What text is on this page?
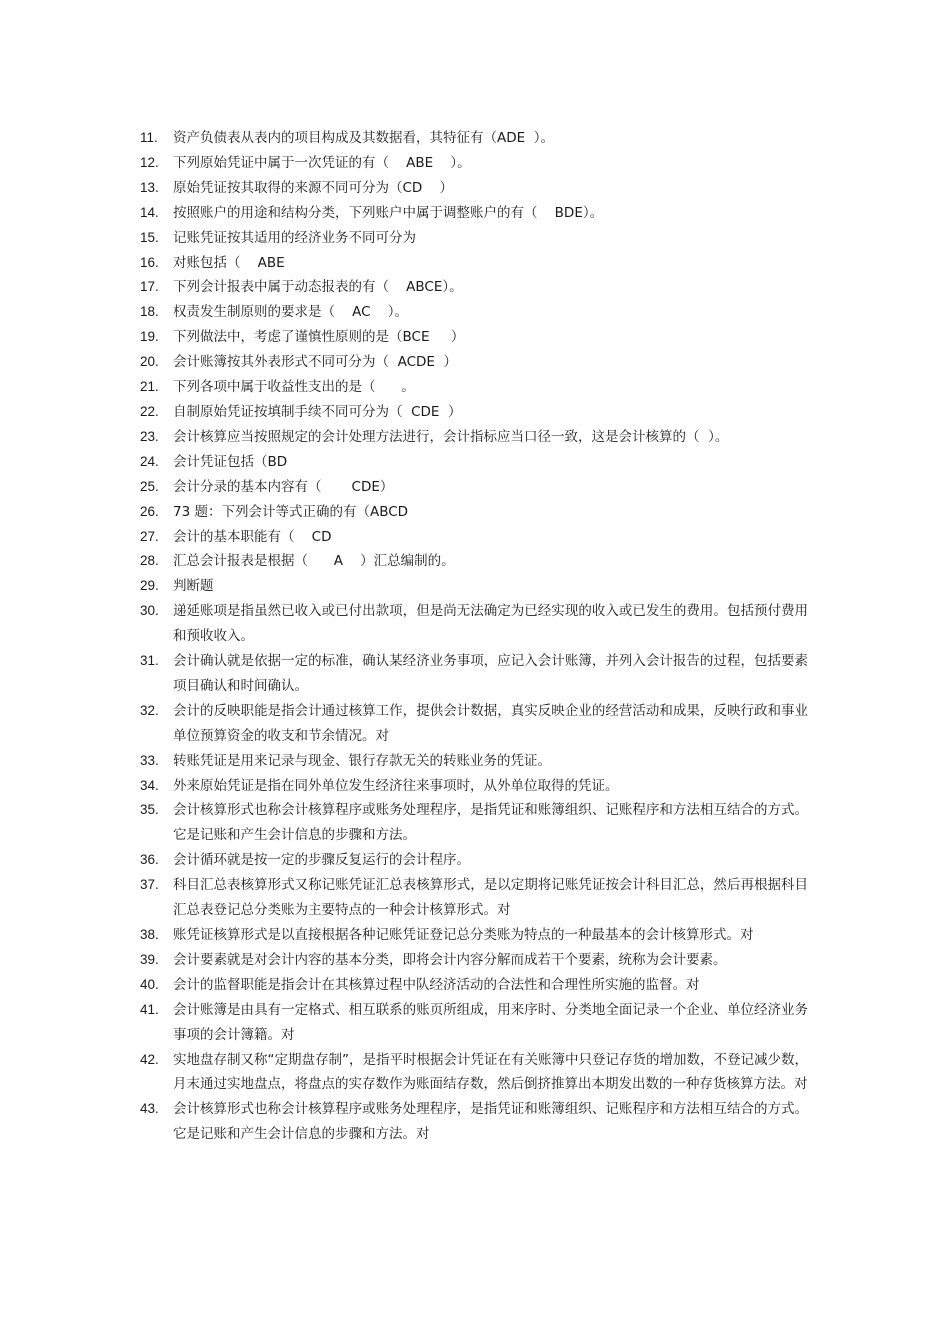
11.	资产负债表从表内的项目构成及其数据看，其特征有（ADE  ）。
12.	下列原始凭证中属于一次凭证的有（    ABE    ）。
13.	原始凭证按其取得的来源不同可分为（CD    ）
14.	按照账户的用途和结构分类，下列账户中属于调整账户的有（    BDE）。
15.	记账凭证按其适用的经济业务不同可分为
16.	对账包括（    ABE
17.	下列会计报表中属于动态报表的有（    ABCE）。
18.	权责发生制原则的要求是（    AC    ）。
19.	下列做法中，考虑了谨慎性原则的是（BCE     ）
20.	会计账簿按其外表形式不同可分为（  ACDE  ）
21.	下列各项中属于收益性支出的是（      。
22.	自制原始凭证按填制手续不同可分为（  CDE  ）
23.	会计核算应当按照规定的会计处理方法进行，会计指标应当口径一致，这是会计核算的（  ）。
24.	会计凭证包括（BD
25.	会计分录的基本内容有（       CDE）
26.	73 题：下列会计等式正确的有（ABCD
27.	会计的基本职能有（    CD
28.	汇总会计报表是根据（      A    ）汇总编制的。
29.	判断题
30.	递延账项是指虽然已收入或已付出款项，但是尚无法确定为已经实现的收入或已发生的费用。包括预付费用和预收收入。
31.	会计确认就是依据一定的标准，确认某经济业务事项，应记入会计账簿，并列入会计报告的过程，包括要素项目确认和时间确认。
32.	会计的反映职能是指会计通过核算工作，提供会计数据，真实反映企业的经营活动和成果，反映行政和事业单位预算资金的收支和节余情况。对
33.	转账凭证是用来记录与现金、银行存款无关的转账业务的凭证。
34.	外来原始凭证是指在同外单位发生经济往来事项时，从外单位取得的凭证。
35.	会计核算形式也称会计核算程序或账务处理程序，是指凭证和账簿组织、记账程序和方法相互结合的方式。它是记账和产生会计信息的步骤和方法。
36.	会计循环就是按一定的步骤反复运行的会计程序。
37.	科目汇总表核算形式又称记账凭证汇总表核算形式，是以定期将记账凭证按会计科目汇总，然后再根据科目汇总表登记总分类账为主要特点的一种会计核算形式。对
38.	账凭证核算形式是以直接根据各种记账凭证登记总分类账为特点的一种最基本的会计核算形式。对
39.	会计要素就是对会计内容的基本分类，即将会计内容分解而成若干个要素，统称为会计要素。
40.	会计的监督职能是指会计在其核算过程中队经济活动的合法性和合理性所实施的监督。对
41.	会计账簿是由具有一定格式、相互联系的账页所组成，用来序时、分类地全面记录一个企业、单位经济业务事项的会计簿籍。对
42.	实地盘存制又称“定期盘存制”，是指平时根据会计凭证在有关账簿中只登记存货的增加数，不登记减少数，月末通过实地盘点，将盘点的实存数作为账面结存数，然后倒挤推算出本期发出数的一种存货核算方法。对
43.	会计核算形式也称会计核算程序或账务处理程序，是指凭证和账簿组织、记账程序和方法相互结合的方式。它是记账和产生会计信息的步骤和方法。对
